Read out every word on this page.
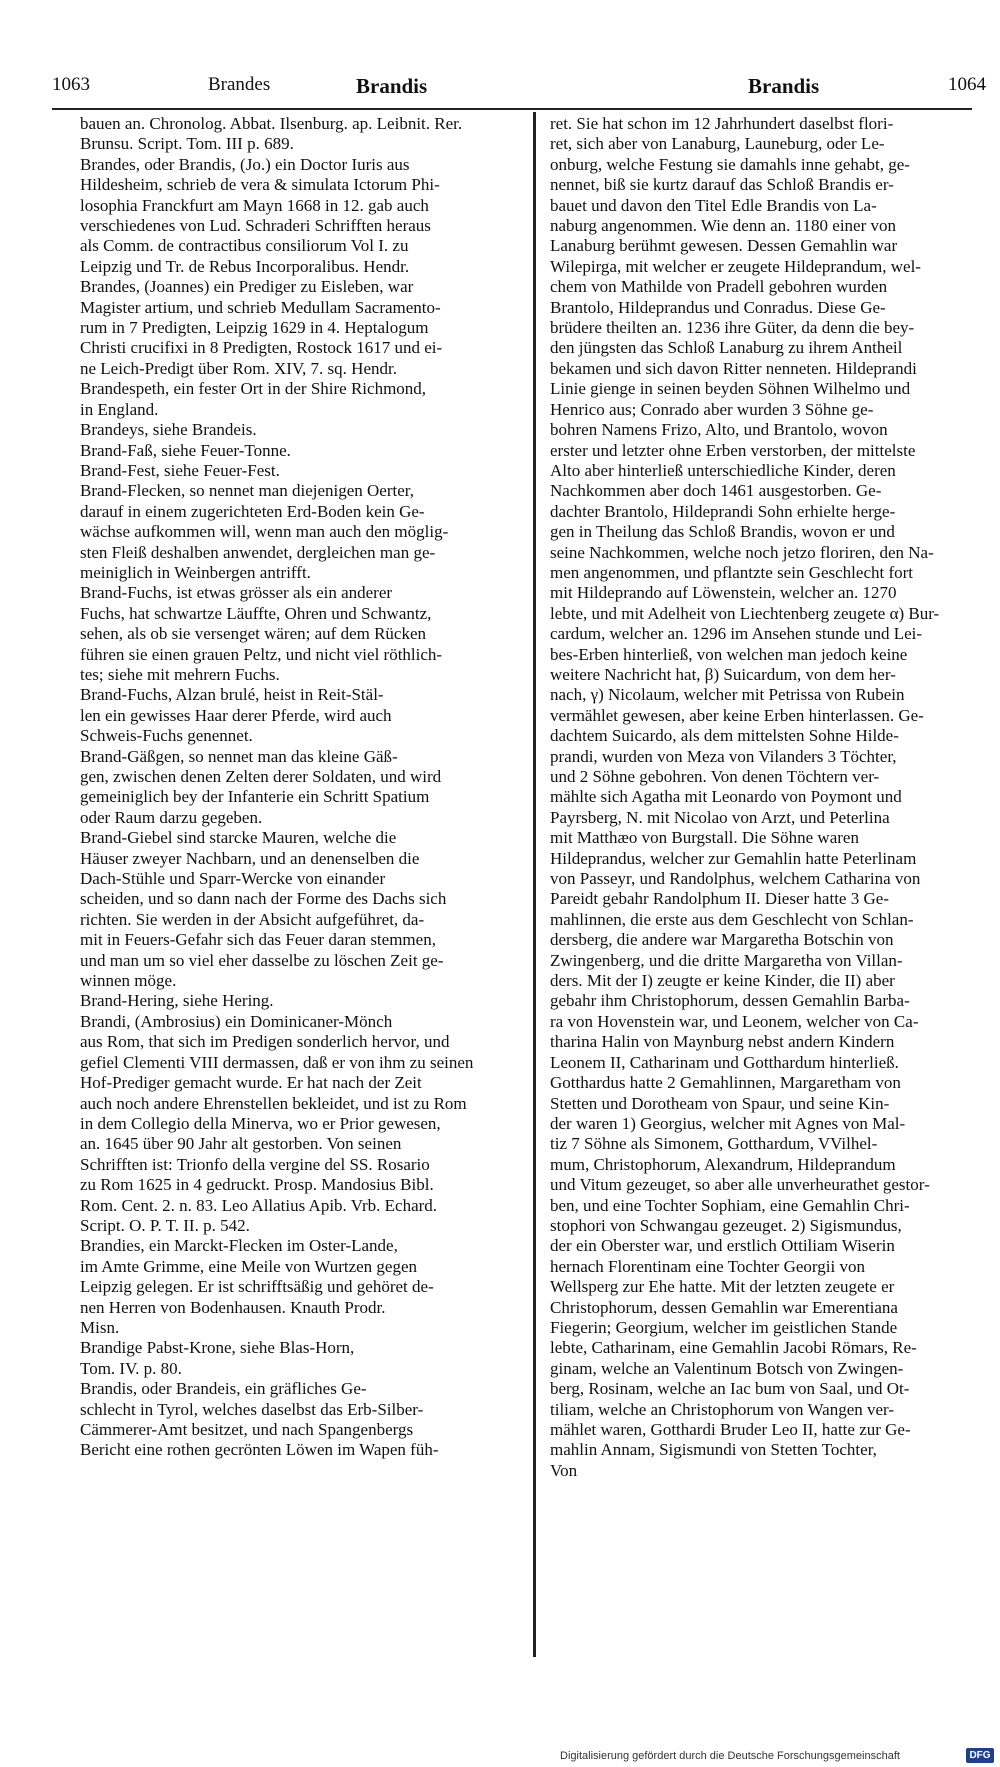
1063	Brandes	Brandis	Brandis	1064
bauen an. Chronolog. Abbat. Ilsenburg. ap. Leibnit. Rer.
Brunsu. Script. Tom. III p. 689.
Brandes, oder Brandis, (Jo.) ein Doctor Iuris aus
Hildesheim, schrieb de vera & simulata Ictorum Phi-
losophia Franckfurt am Mayn 1668 in 12. gab auch
verschiedenes von Lud. Schraderi Schrifften heraus
als Comm. de contractibus consiliorum Vol I. zu
Leipzig und Tr. de Rebus Incorporalibus. Hendr.
Brandes, (Joannes) ein Prediger zu Eisleben, war
Magister artium, und schrieb Medullam Sacramento-
rum in 7 Predigten, Leipzig 1629 in 4. Heptalogum
Christi crucifixi in 8 Predigten, Rostock 1617 und ei-
ne Leich-Predigt über Rom. XIV, 7. sq. Hendr.
Brandespeth, ein fester Ort in der Shire Richmond,
in England.
Brandeys, siehe Brandeis.
Brand-Faß, siehe Feuer-Tonne.
Brand-Fest, siehe Feuer-Fest.
Brand-Flecken, so nennet man diejenigen Oerter,
darauf in einem zugerichteten Erd-Boden kein Ge-
wächse aufkommen will, wenn man auch den möglig-
sten Fleiß deshalben anwendet, dergleichen man ge-
meiniglich in Weinbergen antrifft.
Brand-Fuchs, ist etwas grösser als ein anderer
Fuchs, hat schwartze Läuffte, Ohren und Schwantz,
sehen, als ob sie versenget wären; auf dem Rücken
führen sie einen grauen Peltz, und nicht viel röthlich-
tes; siehe mit mehrern Fuchs.
Brand-Fuchs, Alzan brulé, heist in Reit-Stäl-
len ein gewisses Haar derer Pferde, wird auch
Schweis-Fuchs genennet.
Brand-Gäßgen, so nennet man das kleine Gäß-
gen, zwischen denen Zelten derer Soldaten, und wird
gemeiniglich bey der Infanterie ein Schritt Spatium
oder Raum darzu gegeben.
Brand-Giebel sind starcke Mauren, welche die
Häuser zweyer Nachbarn, und an denenselben die
Dach-Stühle und Sparr-Wercke von einander
scheiden, und so dann nach der Forme des Dachs sich
richten. Sie werden in der Absicht aufgeführet, da-
mit in Feuers-Gefahr sich das Feuer daran stemmen,
und man um so viel eher dasselbe zu löschen Zeit ge-
winnen möge.
Brand-Hering, siehe Hering.
Brandi, (Ambrosius) ein Dominicaner-Mönch
aus Rom, that sich im Predigen sonderlich hervor, und
gefiel Clementi VIII dermassen, daß er von ihm zu seinen
Hof-Prediger gemacht wurde. Er hat nach der Zeit
auch noch andere Ehrenstellen bekleidet, und ist zu Rom
in dem Collegio della Minerva, wo er Prior gewesen,
an. 1645 über 90 Jahr alt gestorben. Von seinen
Schrifften ist: Trionfo della vergine del SS. Rosario
zu Rom 1625 in 4 gedruckt. Prosp. Mandosius Bibl.
Rom. Cent. 2. n. 83. Leo Allatius Apib. Vrb. Echard.
Script. O. P. T. II. p. 542.
Brandies, ein Marckt-Flecken im Oster-Lande,
im Amte Grimme, eine Meile von Wurtzen gegen
Leipzig gelegen. Er ist schrifftsäßig und gehöret de-
nen Herren von Bodenhausen. Knauth Prodr.
Misn.
Brandige Pabst-Krone, siehe Blas-Horn,
Tom. IV. p. 80.
Brandis, oder Brandeis, ein gräfliches Ge-
schlecht in Tyrol, welches daselbst das Erb-Silber-
Cämmerer-Amt besitzet, und nach Spangenbergs
Bericht eine rothen gecrönten Löwen im Wapen füh-
ret. Sie hat schon im 12 Jahrhundert daselbst flori-
ret, sich aber von Lanaburg, Launeburg, oder Le-
onburg, welche Festung sie damahls inne gehabt, ge-
nennet, biß sie kurtz darauf das Schloß Brandis er-
bauet und davon den Titel Edle Brandis von La-
naburg angenommen. Wie denn an. 1180 einer von
Lanaburg berühmt gewesen. Dessen Gemahlin war
Wilepirga, mit welcher er zeugete Hildeprandum, wel-
chem von Mathilde von Pradell gebohren wurden
Brantolo, Hildeprandus und Conradus. Diese Ge-
brüdere theilten an. 1236 ihre Güter, da denn die bey-
den jüngsten das Schloß Lanaburg zu ihrem Antheil
bekamen und sich davon Ritter nenneten. Hildeprandi
Linie gienge in seinen beyden Söhnen Wilhelmo und
Henrico aus; Conrado aber wurden 3 Söhne ge-
bohren Namens Frizo, Alto, und Brantolo, wovon
erster und letzter ohne Erben verstorben, der mittelste
Alto aber hinterließ unterschiedliche Kinder, deren
Nachkommen aber doch 1461 ausgestorben. Ge-
dachter Brantolo, Hildeprandi Sohn erhielte herge-
gen in Theilung das Schloß Brandis, wovon er und
seine Nachkommen, welche noch jetzo floriren, den Na-
men angenommen, und pflantzte sein Geschlecht fort
mit Hildeprando auf Löwenstein, welcher an. 1270
lebte, und mit Adelheit von Liechtenberg zeugete α) Bur-
cardum, welcher an. 1296 im Ansehen stunde und Lei-
bes-Erben hinterließ, von welchen man jedoch keine
weitere Nachricht hat, β) Suicardum, von dem her-
nach, γ) Nicolaum, welcher mit Petrissa von Rubein
vermählet gewesen, aber keine Erben hinterlassen. Ge-
dachtem Suicardo, als dem mittelsten Sohne Hilde-
prandi, wurden von Meza von Vilanders 3 Töchter,
und 2 Söhne gebohren. Von denen Töchtern ver-
mählte sich Agatha mit Leonardo von Poymont und
Payrsberg, N. mit Nicolao von Arzt, und Peterlina
mit Matthæo von Burgstall. Die Söhne waren
Hildeprandus, welcher zur Gemahlin hatte Peterlinam
von Passeyr, und Randolphus, welchem Catharina von
Pareidt gebahr Randolphum II. Dieser hatte 3 Ge-
mahlinnen, die erste aus dem Geschlecht von Schlan-
dersberg, die andere war Margaretha Botschin von
Zwingenberg, und die dritte Margaretha von Villan-
ders. Mit der I) zeugte er keine Kinder, die II) aber
gebahr ihm Christophorum, dessen Gemahlin Barba-
ra von Hovenstein war, und Leonem, welcher von Ca-
tharina Halin von Maynburg nebst andern Kindern
Leonem II, Catharinam und Gotthardum hinterließ.
Gotthardus hatte 2 Gemahlinnen, Margaretham von
Stetten und Dorotheam von Spaur, und seine Kin-
der waren 1) Georgius, welcher mit Agnes von Mal-
tiz 7 Söhne als Simonem, Gotthardum, VVilhel-
mum, Christophorum, Alexandrum, Hildeprandum
und Vitum gezeuget, so aber alle unverheurathet gestor-
ben, und eine Tochter Sophiam, eine Gemahlin Chri-
stophori von Schwangau gezeuget. 2) Sigismundus,
der ein Oberster war, und erstlich Ottiliam Wiserin
hernach Florentinam eine Tochter Georgii von
Wellsperg zur Ehe hatte. Mit der letzten zeugete er
Christophorum, dessen Gemahlin war Emerentiana
Fiegerin; Georgium, welcher im geistlichen Stande
lebte, Catharinam, eine Gemahlin Jacobi Römars, Re-
ginam, welche an Valentinum Botsch von Zwingen-
berg, Rosinam, welche an Iac bum von Saal, und Ot-
tiliam, welche an Christophorum von Wangen ver-
mählet waren, Gotthardi Bruder Leo II, hatte zur Ge-
mahlin Annam, Sigismundi von Stetten Tochter,
Von
Digitalisierung gefördert durch die Deutsche Forschungsgemeinschaft	DFG
